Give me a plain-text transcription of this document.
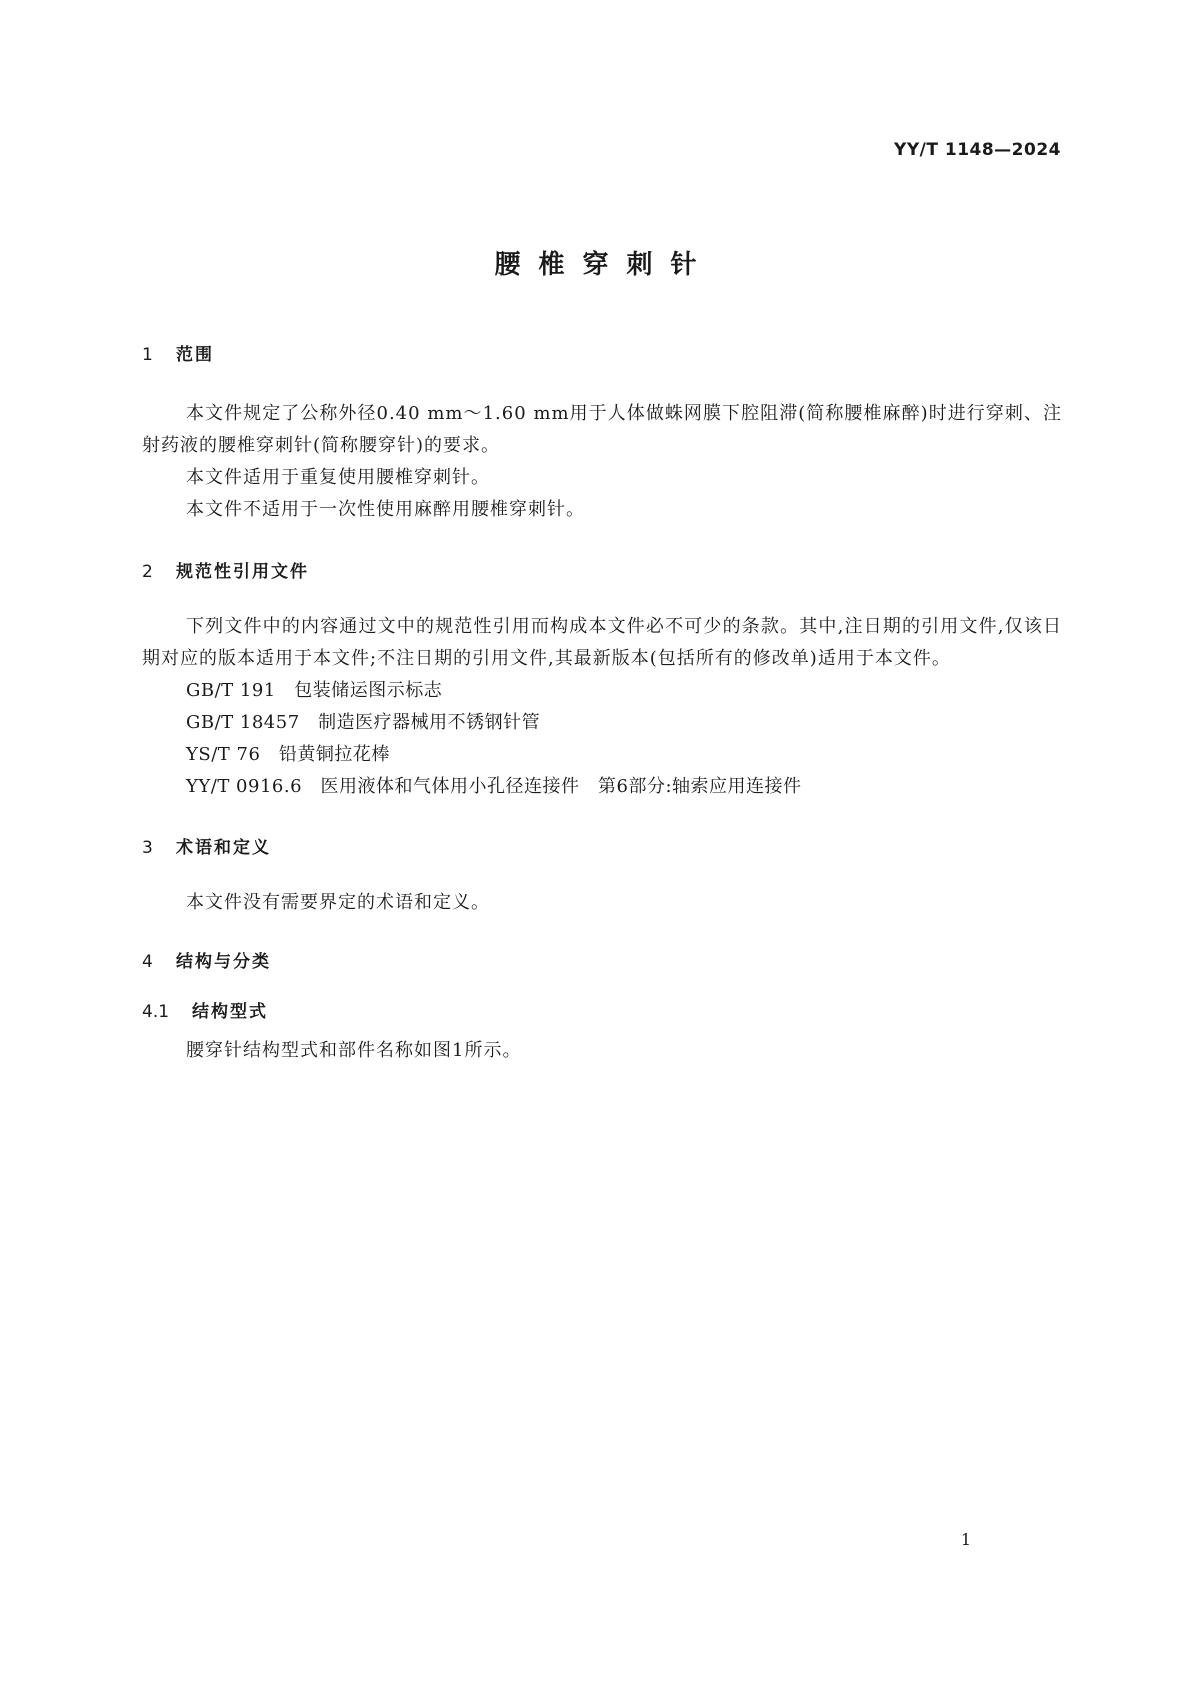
YY/T 1148—2024
腰椎穿刺针
1	范围

本文件规定了公称外径0.40 mm～1.60 mm用于人体做蛛网膜下腔阻滞(简称腰椎麻醉)时进行穿刺、注射药液的腰椎穿刺针(简称腰穿针)的要求。

本文件适用于重复使用腰椎穿刺针。

本文件不适用于一次性使用麻醉用腰椎穿刺针。

2	规范性引用文件

下列文件中的内容通过文中的规范性引用而构成本文件必不可少的条款。其中,注日期的引用文件,仅该日期对应的版本适用于本文件;不注日期的引用文件,其最新版本(包括所有的修改单)适用于本文件。

GB/T 191　包装储运图示标志

GB/T 18457　制造医疗器械用不锈钢针管

YS/T 76　铅黄铜拉花棒

YY/T 0916.6　医用液体和气体用小孔径连接件　第6部分:轴索应用连接件

3	术语和定义

本文件没有需要界定的术语和定义。

4	结构与分类
4.1	结构型式

腰穿针结构型式和部件名称如图1所示。

1
